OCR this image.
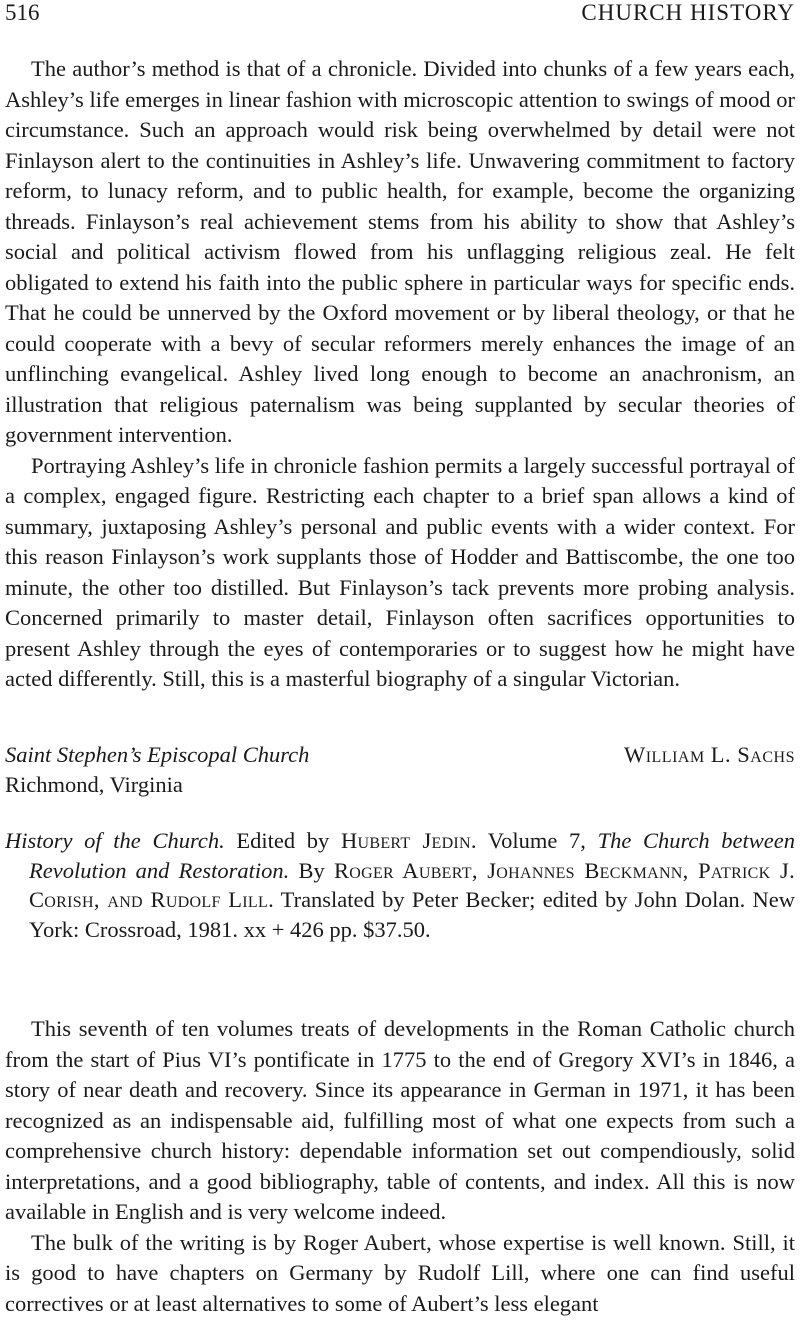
516	CHURCH HISTORY

The author’s method is that of a chronicle. Divided into chunks of a few years each, Ashley’s life emerges in linear fashion with microscopic attention to swings of mood or circumstance. Such an approach would risk being overwhelmed by detail were not Finlayson alert to the continuities in Ashley’s life. Unwavering commitment to factory reform, to lunacy reform, and to public health, for example, become the organizing threads. Finlayson’s real achievement stems from his ability to show that Ashley’s social and political activism flowed from his unflagging religious zeal. He felt obligated to extend his faith into the public sphere in particular ways for specific ends. That he could be unnerved by the Oxford movement or by liberal theology, or that he could cooperate with a bevy of secular reformers merely enhances the image of an unflinching evangelical. Ashley lived long enough to become an anachronism, an illustration that religious paternalism was being supplanted by secular theories of government intervention.

Portraying Ashley’s life in chronicle fashion permits a largely successful portrayal of a complex, engaged figure. Restricting each chapter to a brief span allows a kind of summary, juxtaposing Ashley’s personal and public events with a wider context. For this reason Finlayson’s work supplants those of Hodder and Battiscombe, the one too minute, the other too distilled. But Finlayson’s tack prevents more probing analysis. Concerned primarily to master detail, Finlayson often sacrifices opportunities to present Ashley through the eyes of contemporaries or to suggest how he might have acted differently. Still, this is a masterful biography of a singular Victorian.

Saint Stephen’s Episcopal Church	William L. Sachs
Richmond, Virginia

History of the Church. Edited by Hubert Jedin. Volume 7, The Church between Revolution and Restoration. By Roger Aubert, Johannes Beckmann, Patrick J. Corish, and Rudolf Lill. Translated by Peter Becker; edited by John Dolan. New York: Crossroad, 1981. xx + 426 pp. $37.50.

This seventh of ten volumes treats of developments in the Roman Catholic church from the start of Pius VI’s pontificate in 1775 to the end of Gregory XVI’s in 1846, a story of near death and recovery. Since its appearance in German in 1971, it has been recognized as an indispensable aid, fulfilling most of what one expects from such a comprehensive church history: dependable information set out compendiously, solid interpretations, and a good bibliography, table of contents, and index. All this is now available in English and is very welcome indeed.

The bulk of the writing is by Roger Aubert, whose expertise is well known. Still, it is good to have chapters on Germany by Rudolf Lill, where one can find useful correctives or at least alternatives to some of Aubert’s less elegant
